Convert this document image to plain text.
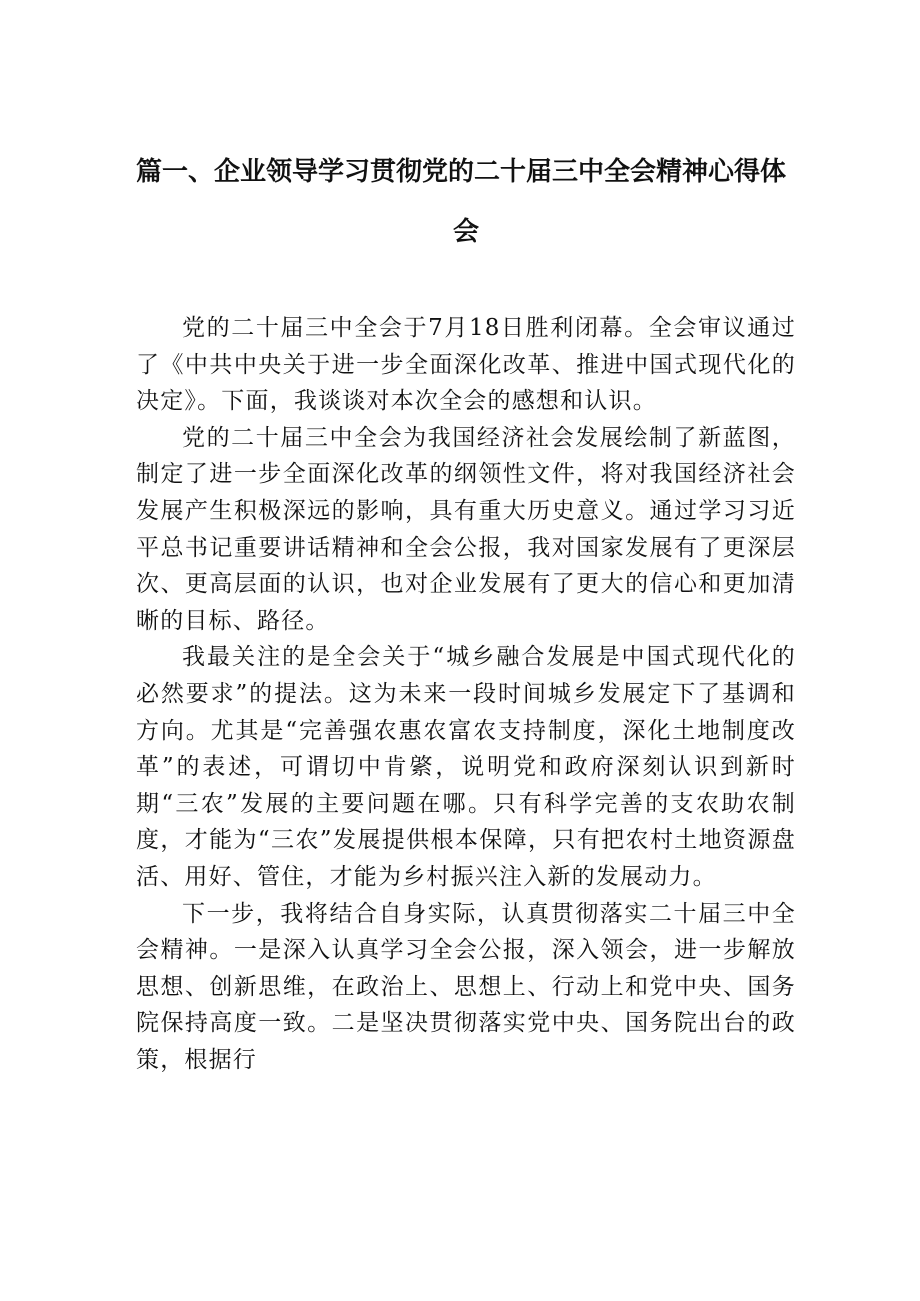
篇一、企业领导学习贯彻党的二十届三中全会精神心得体
会

党的二十届三中全会于7月18日胜利闭幕。全会审议通过了《中共中央关于进一步全面深化改革、推进中国式现代化的决定》。下面，我谈谈对本次全会的感想和认识。

党的二十届三中全会为我国经济社会发展绘制了新蓝图，制定了进一步全面深化改革的纲领性文件，将对我国经济社会发展产生积极深远的影响，具有重大历史意义。通过学习习近平总书记重要讲话精神和全会公报，我对国家发展有了更深层次、更高层面的认识，也对企业发展有了更大的信心和更加清晰的目标、路径。

我最关注的是全会关于“城乡融合发展是中国式现代化的必然要求”的提法。这为未来一段时间城乡发展定下了基调和方向。尤其是“完善强农惠农富农支持制度，深化土地制度改革”的表述，可谓切中肯綮，说明党和政府深刻认识到新时期“三农”发展的主要问题在哪。只有科学完善的支农助农制度，才能为“三农”发展提供根本保障，只有把农村土地资源盘活、用好、管住，才能为乡村振兴注入新的发展动力。

下一步，我将结合自身实际，认真贯彻落实二十届三中全会精神。一是深入认真学习全会公报，深入领会，进一步解放思想、创新思维，在政治上、思想上、行动上和党中央、国务院保持高度一致。二是坚决贯彻落实党中央、国务院出台的政策，根据行
